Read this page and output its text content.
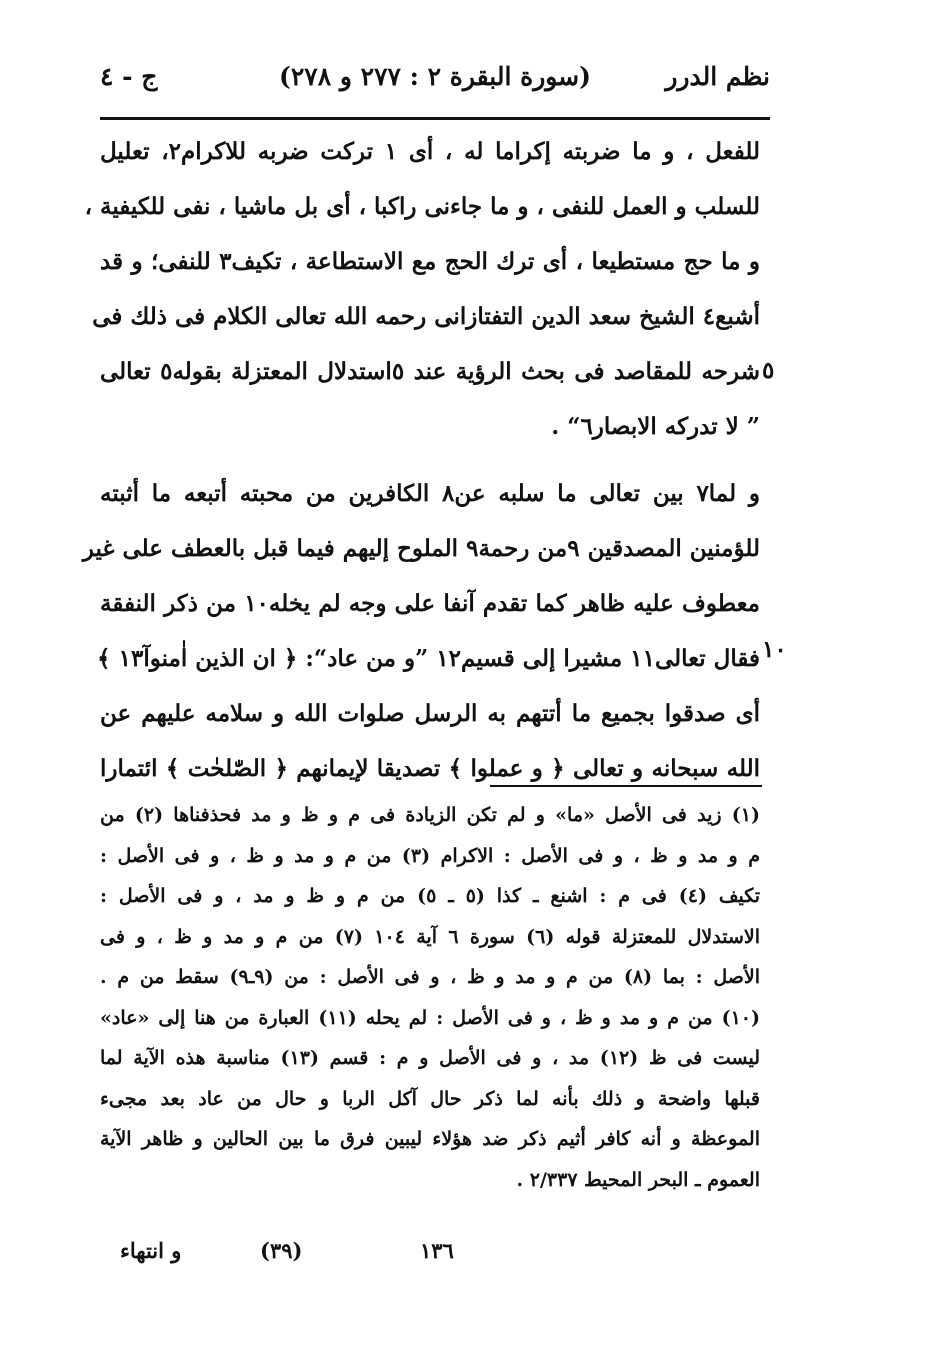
نظم الدرر
(سورة البقرة ٢ : ٢٧٧ و ٢٧٨)
ج - ٤
للفعل ، و ما ضربته إكراما له ، أى ١ تركت ضربه للاكرام٢، تعليل
للسلب و العمل للنفى ، و ما جاءنى راكبا ، أى بل ماشيا ، نفى للكيفية ،
و ما حج مستطيعا ، أى ترك الحج مع الاستطاعة ، تكيف٣ للنفى؛ و قد
أشبع٤ الشيخ سعد الدين التفتازانى رحمه الله تعالى الكلام فى ذلك فى
شرحه للمقاصد فى بحث الرؤية عند ٥استدلال المعتزلة بقوله٥ تعالى
” لا تدركه الابصار٦“ .
و لما٧ بين تعالى ما سلبه عن٨ الكافرين من محبته أتبعه ما أثبته
للؤمنين المصدقين ٩من رحمة٩ الملوح إليهم فيما قبل بالعطف على غير
معطوف عليه ظاهر كما تقدم آنفا على وجه لم يخله١٠ من ذكر النفقة
فقال تعالى١١ مشيرا إلى قسيم١٢ ”و من عاد“: ﴿ ان الذين اٰمنوآ١٣ ﴾
أى صدقوا بجميع ما أتتهم به الرسل صلوات الله و سلامه عليهم عن
الله سبحانه و تعالى ﴿ و عملوا ﴾ تصديقا لإيمانهم ﴿ الصّٰلحٰت ﴾ ائتمارا
٥
١٠
(١) زيد فى الأصل «ما» و لم تكن الزيادة فى م و ظ و مد فحذفناها (٢) من
م و مد و ظ ، و فى الأصل : الاكرام (٣) من م و مد و ظ ، و فى الأصل :
تكيف (٤) فى م : اشنع ـ كذا (٥ ـ ٥) من م و ظ و مد ، و فى الأصل :
الاستدلال للمعتزلة قوله (٦) سورة ٦ آية ١٠٤ (٧) من م و مد و ظ ، و فى
الأصل : بما (٨) من م و مد و ظ ، و فى الأصل : من (٩ـ٩) سقط من م .
(١٠) من م و مد و ظ ، و فى الأصل : لم يحله (١١) العبارة من هنا إلى «عاد»
ليست فى ظ (١٢) مد ، و فى الأصل و م : قسم (١٣) مناسبة هذه الآية لما
قبلها واضحة و ذلك بأنه لما ذكر حال آكل الربا و حال من عاد بعد مجىء
الموعظة و أنه كافر أثيم ذكر ضد هؤلاء ليبين فرق ما بين الحالين و ظاهر الآية
العموم ـ البحر المحيط ٢/٣٣٧ .
١٣٦
(٣٩)
و انتهاء
